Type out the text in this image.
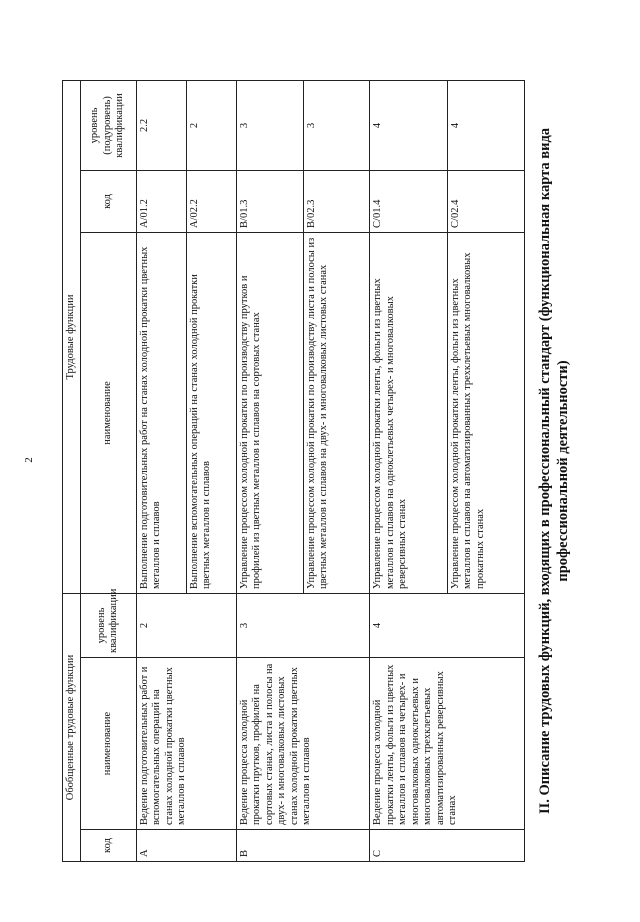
2	II. Описание трудовых функций, входящих в профессиональный стандарт (функциональная карта вида профессиональной деятельности)
Обобщенные трудовые функции			Трудовые функции		
код	наименование	уровень квалификации	наименование	код	уровень (подуровень) квалификации
A	Ведение подготовительных работ и вспомогательных операций на станах холодной прокатки цветных металлов и сплавов	2	Выполнение подготовительных работ на станах холодной прокатки цветных металлов и сплавов	A/01.2	2.2
			Выполнение вспомогательных операций на станах холодной прокатки цветных металлов и сплавов	A/02.2	2
B	Ведение процесса холодной прокатки прутков, профилей на сортовых станах, листа и полосы на двух- и многовалковых листовых станах холодной прокатки цветных металлов и сплавов	3	Управление процессом холодной прокатки по производству прутков и профилей из цветных металлов и сплавов на сортовых станах	B/01.3	3
			Управление процессом холодной прокатки по производству листа и полосы из цветных металлов и сплавов на двух- и многовалковых листовых станах	B/02.3	3
C	Ведение процесса холодной прокатки ленты, фольги из цветных металлов и сплавов на четырех- и многовалковых одноклетьевых и многовалковых трехклетьевых автоматизированных реверсивных станах	4	Управление процессом холодной прокатки ленты, фольги из цветных металлов и сплавов на одноклетьевых четырех- и многовалковых реверсивных станах	C/01.4	4
			Управление процессом холодной прокатки ленты, фольги из цветных металлов и сплавов на автоматизированных трехклетьевых многовалковых прокатных станах	C/02.4	4
